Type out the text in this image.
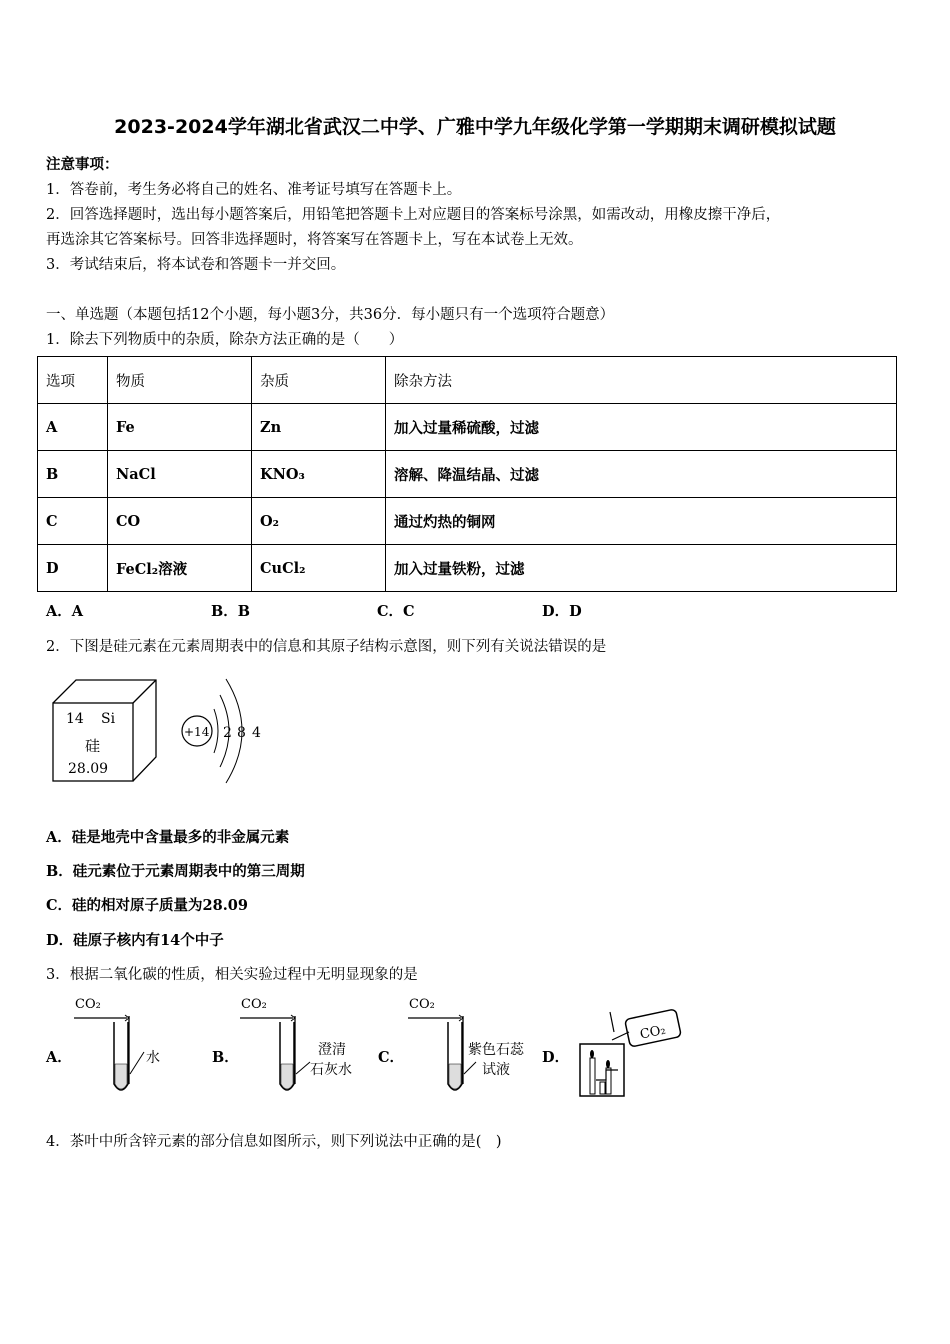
2023-2024学年湖北省武汉二中学、广雅中学九年级化学第一学期期末调研模拟试题
注意事项：
1．答卷前，考生务必将自己的姓名、准考证号填写在答题卡上。
2．回答选择题时，选出每小题答案后，用铅笔把答题卡上对应题目的答案标号涂黑，如需改动，用橡皮擦干净后，
再选涂其它答案标号。回答非选择题时，将答案写在答题卡上，写在本试卷上无效。
3．考试结束后，将本试卷和答题卡一并交回。
一、单选题（本题包括12个小题，每小题3分，共36分．每小题只有一个选项符合题意）
1．除去下列物质中的杂质，除杂方法正确的是（　　）
选项	物质	杂质	除杂方法
A	Fe	Zn	加入过量稀硫酸，过滤
B	NaCl	KNO₃	溶解、降温结晶、过滤
C	CO	O₂	通过灼热的铜网
D	FeCl₂溶液	CuCl₂	加入过量铁粉，过滤
A．A	B．B	C．C	D．D
2．下图是硅元素在元素周期表中的信息和其原子结构示意图，则下列有关说法错误的是
14 Si
硅
28.09
+14 2 8 4
A．硅是地壳中含量最多的非金属元素
B．硅元素位于元素周期表中的第三周期
C．硅的相对原子质量为28.09
D．硅原子核内有14个中子
3．根据二氧化碳的性质，相关实验过程中无明显现象的是
A．	B．	C．	D．
CO₂
水
CO₂
澄清
石灰水
CO₂
紫色石蕊
试液
CO₂
4．茶叶中所含锌元素的部分信息如图所示，则下列说法中正确的是(　)
